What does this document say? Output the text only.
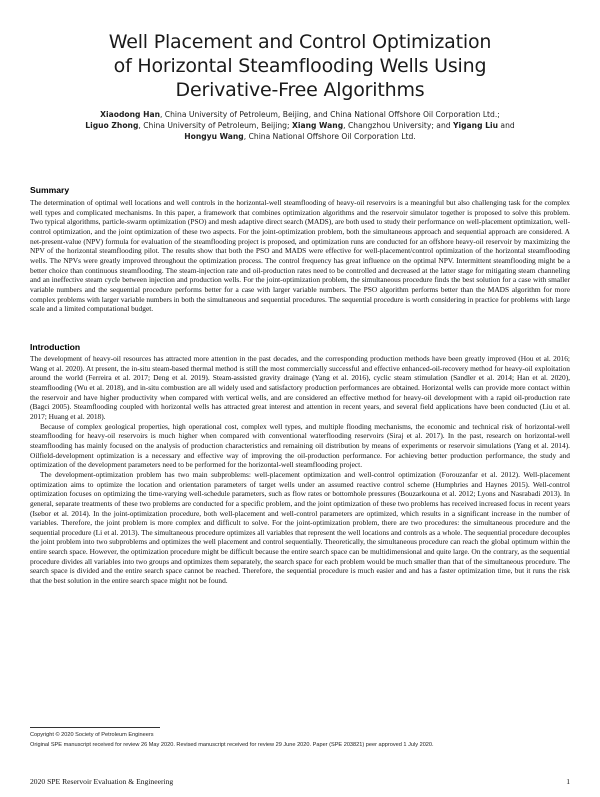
Well Placement and Control Optimization
of Horizontal Steamflooding Wells Using
Derivative-Free Algorithms
Xiaodong Han, China University of Petroleum, Beijing, and China National Offshore Oil Corporation Ltd.;
Liguo Zhong, China University of Petroleum, Beijing; Xiang Wang, Changzhou University; and Yigang Liu and
Hongyu Wang, China National Offshore Oil Corporation Ltd.
Summary

The determination of optimal well locations and well controls in the horizontal-well steamflooding of heavy-oil reservoirs is a meaningful but also challenging task for the complex well types and complicated mechanisms. In this paper, a framework that combines optimization algorithms and the reservoir simulator together is proposed to solve this problem. Two typical algorithms, particle-swarm optimization (PSO) and mesh adaptive direct search (MADS), are both used to study their performance on well-placement optimization, well-control optimization, and the joint optimization of these two aspects. For the joint-optimization problem, both the simultaneous approach and sequential approach are considered. A net-present-value (NPV) formula for evaluation of the steamflooding project is proposed, and optimization runs are conducted for an offshore heavy-oil reservoir by maximizing the NPV of the horizontal steamflooding pilot. The results show that both the PSO and MADS were effective for well-placement/control optimization of the horizontal steamflooding wells. The NPVs were greatly improved throughout the optimization process. The control frequency has great influence on the optimal NPV. Intermittent steamflooding might be a better choice than continuous steamflooding. The steam-injection rate and oil-production rates need to be controlled and decreased at the latter stage for mitigating steam channeling and an ineffective steam cycle between injection and production wells. For the joint-optimization problem, the simultaneous procedure finds the best solution for a case with smaller variable numbers and the sequential procedure performs better for a case with larger variable numbers. The PSO algorithm performs better than the MADS algorithm for more complex problems with larger variable numbers in both the simultaneous and sequential procedures. The sequential procedure is worth considering in practice for problems with large scale and a limited computational budget.

Introduction

The development of heavy-oil resources has attracted more attention in the past decades, and the corresponding production methods have been greatly improved (Hou et al. 2016; Wang et al. 2020). At present, the in-situ steam-based thermal method is still the most commercially successful and effective enhanced-oil-recovery method for heavy-oil exploitation around the world (Ferreira et al. 2017; Deng et al. 2019). Steam-assisted gravity drainage (Yang et al. 2016), cyclic steam stimulation (Sandler et al. 2014; Han et al. 2020), steamflooding (Wu et al. 2018), and in-situ combustion are all widely used and satisfactory production performances are obtained. Horizontal wells can provide more contact within the reservoir and have higher productivity when compared with vertical wells, and are considered an effective method for heavy-oil development with a rapid oil-production rate (Bagci 2005). Steamflooding coupled with horizontal wells has attracted great interest and attention in recent years, and several field applications have been conducted (Liu et al. 2017; Huang et al. 2018).

Because of complex geological properties, high operational cost, complex well types, and multiple flooding mechanisms, the economic and technical risk of horizontal-well steamflooding for heavy-oil reservoirs is much higher when compared with conventional waterflooding reservoirs (Siraj et al. 2017). In the past, research on horizontal-well steamflooding has mainly focused on the analysis of production characteristics and remaining oil distribution by means of experiments or reservoir simulations (Yang et al. 2014). Oilfield-development optimization is a necessary and effective way of improving the oil-production performance. For achieving better production performance, the study and optimization of the development parameters need to be performed for the horizontal-well steamflooding project.

The development-optimization problem has two main subproblems: well-placement optimization and well-control optimization (Forouzanfar et al. 2012). Well-placement optimization aims to optimize the location and orientation parameters of target wells under an assumed reactive control scheme (Humphries and Haynes 2015). Well-control optimization focuses on optimizing the time-varying well-schedule parameters, such as flow rates or bottomhole pressures (Bouzarkouna et al. 2012; Lyons and Nasrabadi 2013). In general, separate treatments of these two problems are conducted for a specific problem, and the joint optimization of these two problems has received increased focus in recent years (Isebor et al. 2014). In the joint-optimization procedure, both well-placement and well-control parameters are optimized, which results in a significant increase in the number of variables. Therefore, the joint problem is more complex and difficult to solve. For the joint-optimization problem, there are two procedures: the simultaneous procedure and the sequential procedure (Li et al. 2013). The simultaneous procedure optimizes all variables that represent the well locations and controls as a whole. The sequential procedure decouples the joint problem into two subproblems and optimizes the well placement and control sequentially. Theoretically, the simultaneous procedure can reach the global optimum within the entire search space. However, the optimization procedure might be difficult because the entire search space can be multidimensional and quite large. On the contrary, as the sequential procedure divides all variables into two groups and optimizes them separately, the search space for each problem would be much smaller than that of the simultaneous procedure. The search space is divided and the entire search space cannot be reached. Therefore, the sequential procedure is much easier and and has a faster optimization time, but it runs the risk that the best solution in the entire search space might not be found.

Copyright © 2020 Society of Petroleum Engineers
Original SPE manuscript received for review 26 May 2020. Revised manuscript received for review 29 June 2020. Paper (SPE 203821) peer approved 1 July 2020.
2020 SPE Reservoir Evaluation & Engineering	1
